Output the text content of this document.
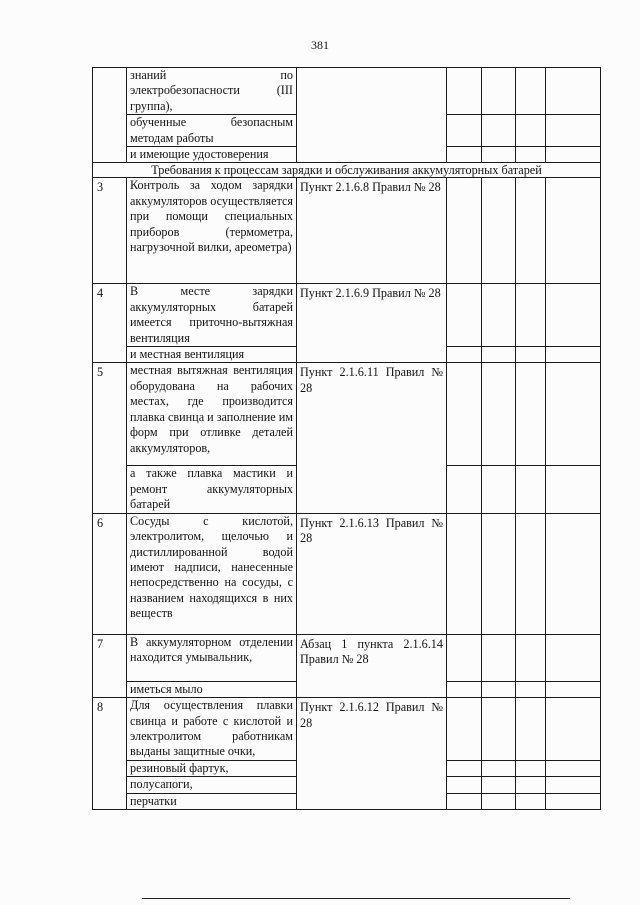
381
	знаний по электробезопасности (III группа),					
	обученные безопасным методам работы					
	и имеющие удостоверения					
Требования к процессам зарядки и обслуживания аккумуляторных батарей						
3	Контроль за ходом зарядки аккумуляторов осуществляется при помощи специальных приборов (термометра, нагрузочной вилки, ареометра)	Пункт 2.1.6.8 Правил № 28				
4	В месте зарядки аккумуляторных батарей имеется приточно-вытяжная вентиляция	Пункт 2.1.6.9 Правил № 28				
	и местная вентиляция					
5	местная вытяжная вентиляция оборудована на рабочих местах, где производится плавка свинца и заполнение им форм при отливке деталей аккумуляторов,	Пункт 2.1.6.11 Правил № 28				
	а также плавка мастики и ремонт аккумуляторных батарей					
6	Сосуды с кислотой, электролитом, щелочью и дистиллированной водой имеют надписи, нанесенные непосредственно на сосуды, с названием находящихся в них веществ	Пункт 2.1.6.13 Правил № 28				
7	В аккумуляторном отделении находится умывальник,	Абзац 1 пункта 2.1.6.14 Правил № 28				
	иметься мыло					
8	Для осуществления плавки свинца и работе с кислотой и электролитом работникам выданы защитные очки,	Пункт 2.1.6.12 Правил № 28				
	резиновый фартук,					
	полусапоги,					
	перчатки					
